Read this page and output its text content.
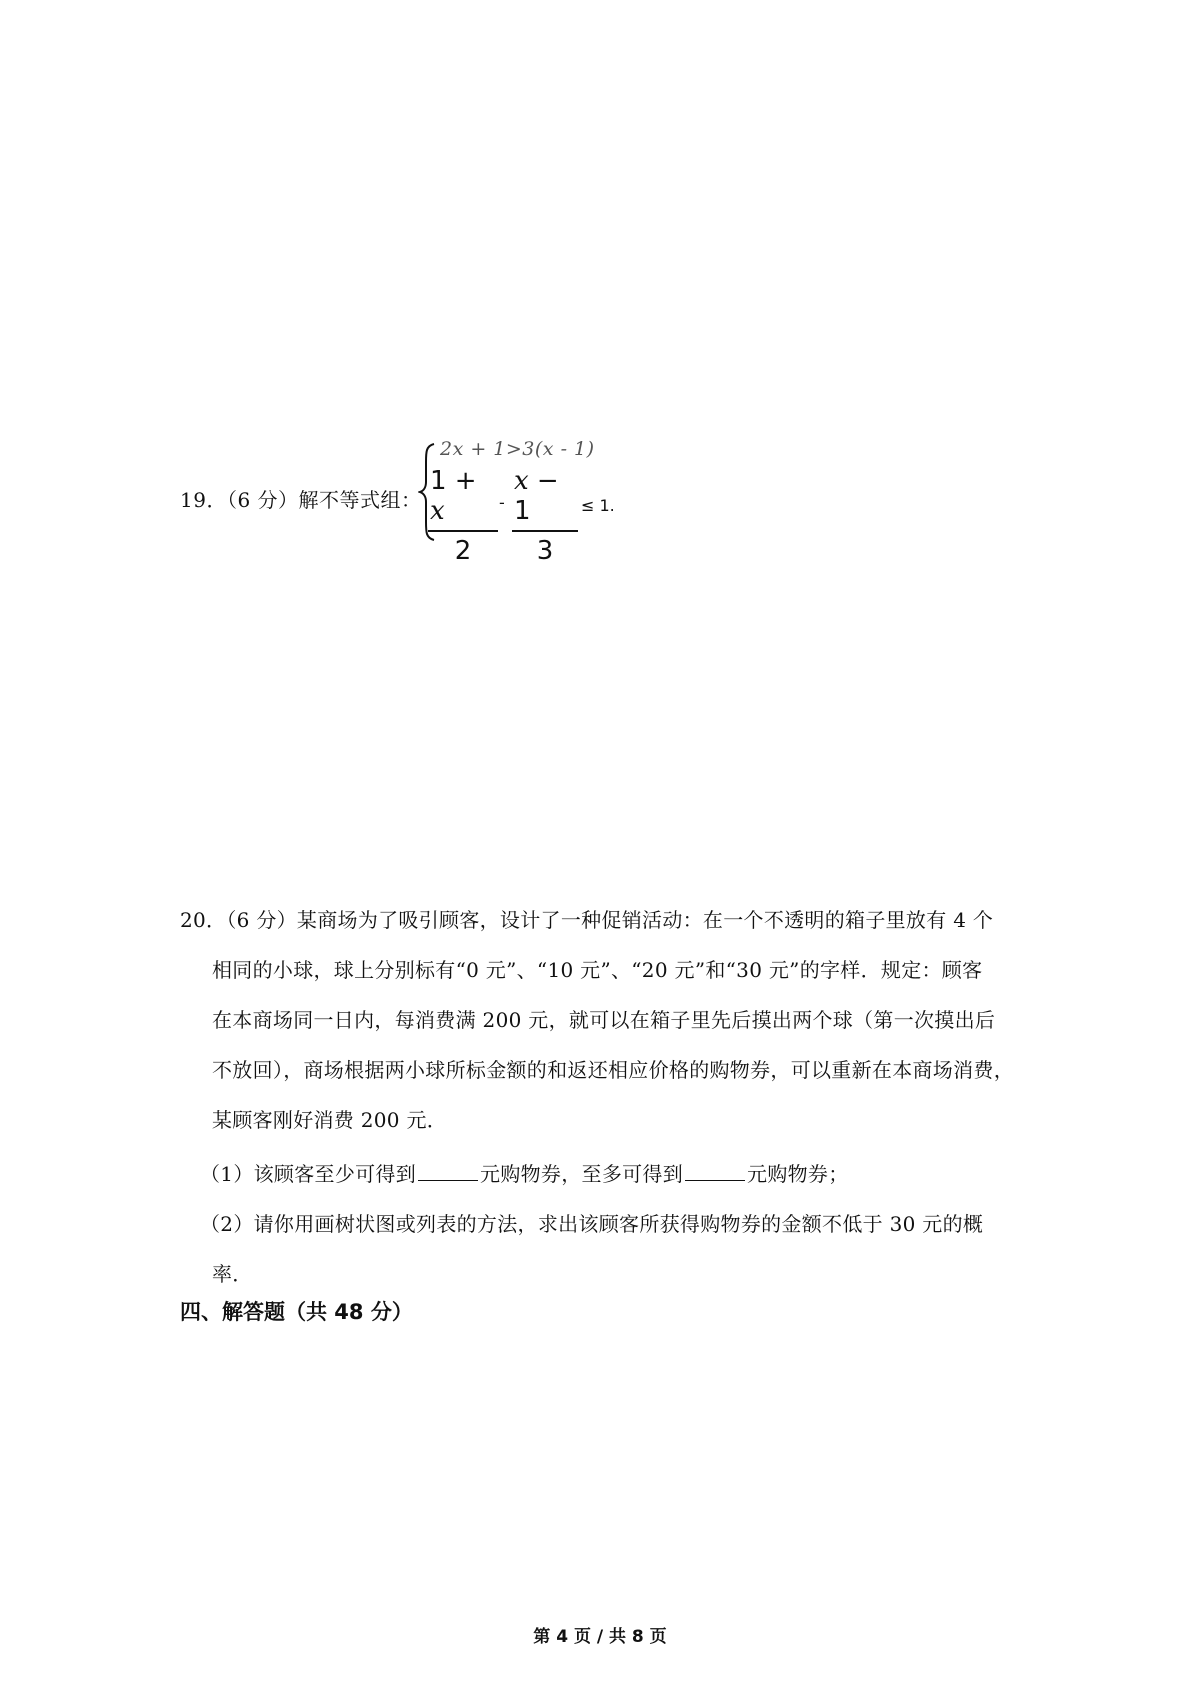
19．（6 分）解不等式组：
2x + 1>3(x - 1)
1 + x
2
-
x − 1
3
≤ 1.
20．（6 分）某商场为了吸引顾客，设计了一种促销活动：在一个不透明的箱子里放有 4 个
相同的小球，球上分别标有“0 元”、“10 元”、“20 元”和“30 元”的字样．规定：顾客
在本商场同一日内，每消费满 200 元，就可以在箱子里先后摸出两个球（第一次摸出后
不放回），商场根据两小球所标金额的和返还相应价格的购物券，可以重新在本商场消费，
某顾客刚好消费 200 元．
（1）该顾客至少可得到	元购物券，至多可得到	元购物券；
（2）请你用画树状图或列表的方法，求出该顾客所获得购物券的金额不低于 30 元的概
率．
四、解答题（共 48 分）
第 4 页 / 共 8 页
